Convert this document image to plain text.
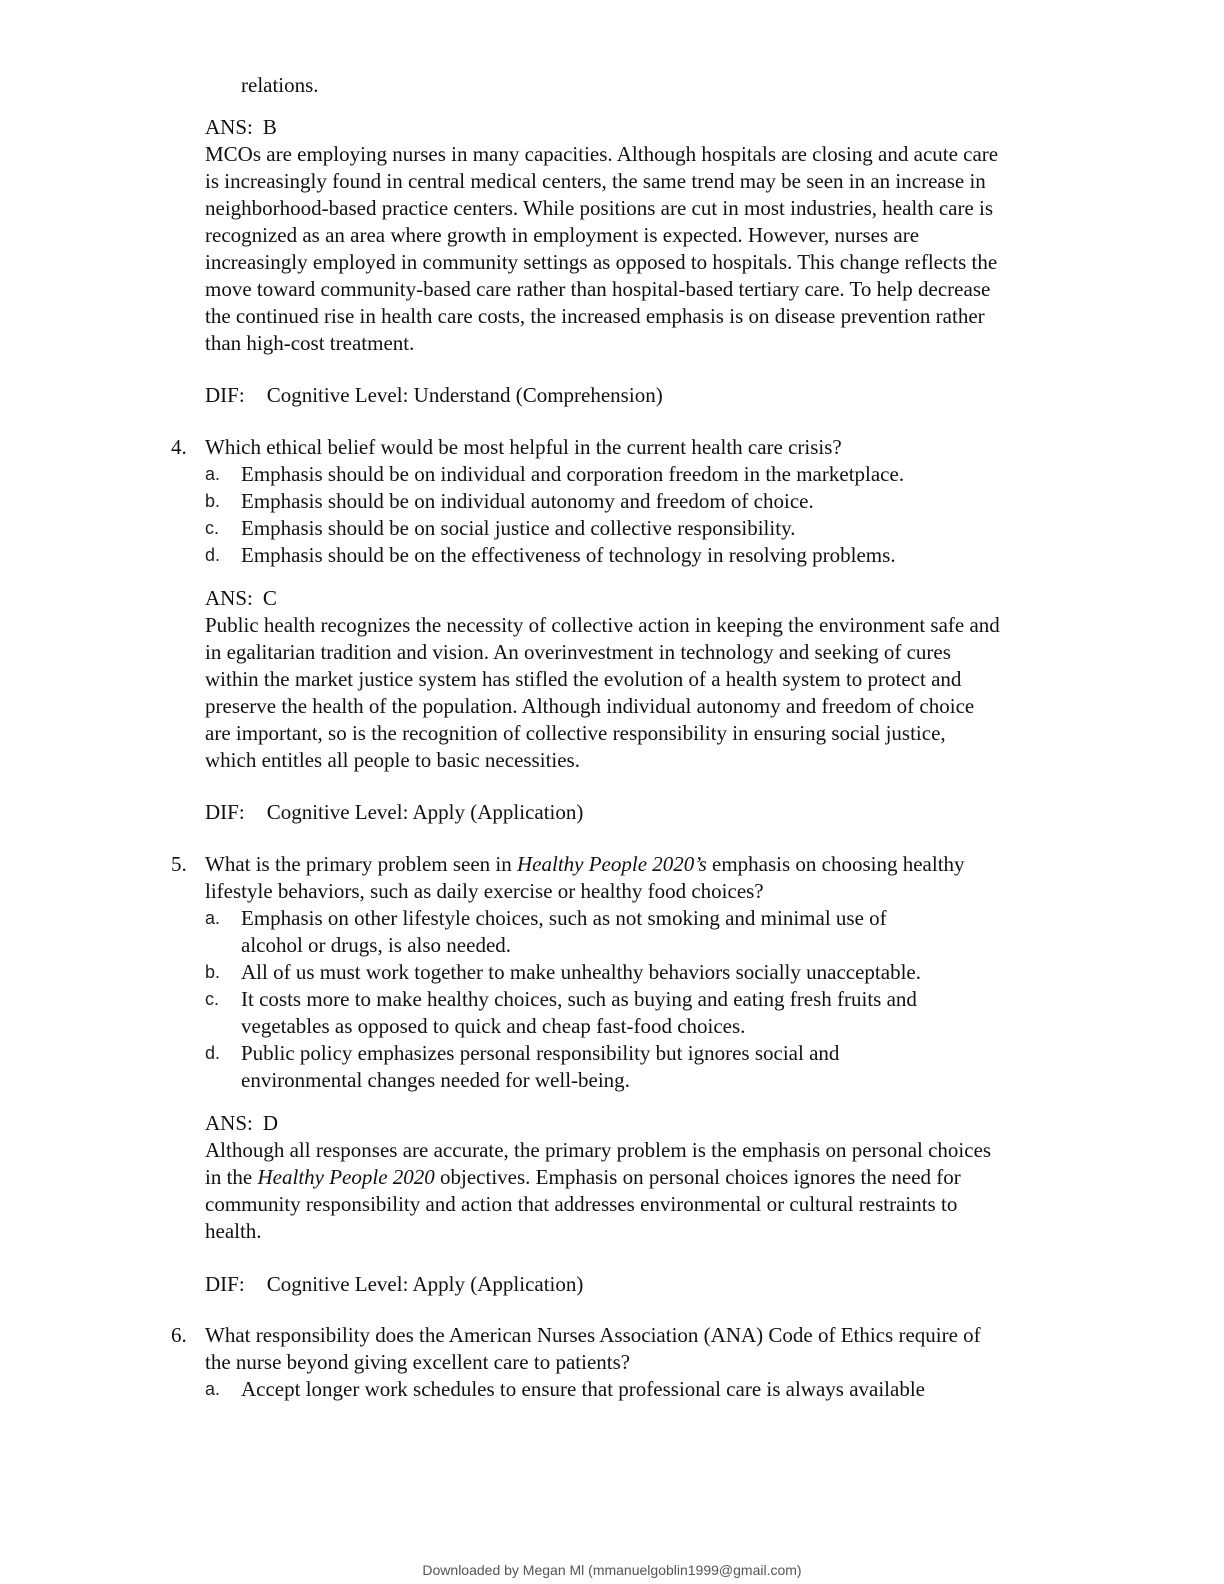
relations.
ANS: B
MCOs are employing nurses in many capacities. Although hospitals are closing and acute care
is increasingly found in central medical centers, the same trend may be seen in an increase in
neighborhood-based practice centers. While positions are cut in most industries, health care is
recognized as an area where growth in employment is expected. However, nurses are
increasingly employed in community settings as opposed to hospitals. This change reflects the
move toward community-based care rather than hospital-based tertiary care. To help decrease
the continued rise in health care costs, the increased emphasis is on disease prevention rather
than high-cost treatment.
DIF: Cognitive Level: Understand (Comprehension)
4. Which ethical belief would be most helpful in the current health care crisis?
a. Emphasis should be on individual and corporation freedom in the marketplace.
b. Emphasis should be on individual autonomy and freedom of choice.
c. Emphasis should be on social justice and collective responsibility.
d. Emphasis should be on the effectiveness of technology in resolving problems.
ANS: C
Public health recognizes the necessity of collective action in keeping the environment safe and
in egalitarian tradition and vision. An overinvestment in technology and seeking of cures
within the market justice system has stifled the evolution of a health system to protect and
preserve the health of the population. Although individual autonomy and freedom of choice
are important, so is the recognition of collective responsibility in ensuring social justice,
which entitles all people to basic necessities.
DIF: Cognitive Level: Apply (Application)
5. What is the primary problem seen in Healthy People 2020’s emphasis on choosing healthy
lifestyle behaviors, such as daily exercise or healthy food choices?
a. Emphasis on other lifestyle choices, such as not smoking and minimal use of
alcohol or drugs, is also needed.
b. All of us must work together to make unhealthy behaviors socially unacceptable.
c. It costs more to make healthy choices, such as buying and eating fresh fruits and
vegetables as opposed to quick and cheap fast-food choices.
d. Public policy emphasizes personal responsibility but ignores social and
environmental changes needed for well-being.
ANS: D
Although all responses are accurate, the primary problem is the emphasis on personal choices
in the Healthy People 2020 objectives. Emphasis on personal choices ignores the need for
community responsibility and action that addresses environmental or cultural restraints to
health.
DIF: Cognitive Level: Apply (Application)
6. What responsibility does the American Nurses Association (ANA) Code of Ethics require of
the nurse beyond giving excellent care to patients?
a. Accept longer work schedules to ensure that professional care is always available
Downloaded by Megan Ml (mmanuelgoblin1999@gmail.com)
